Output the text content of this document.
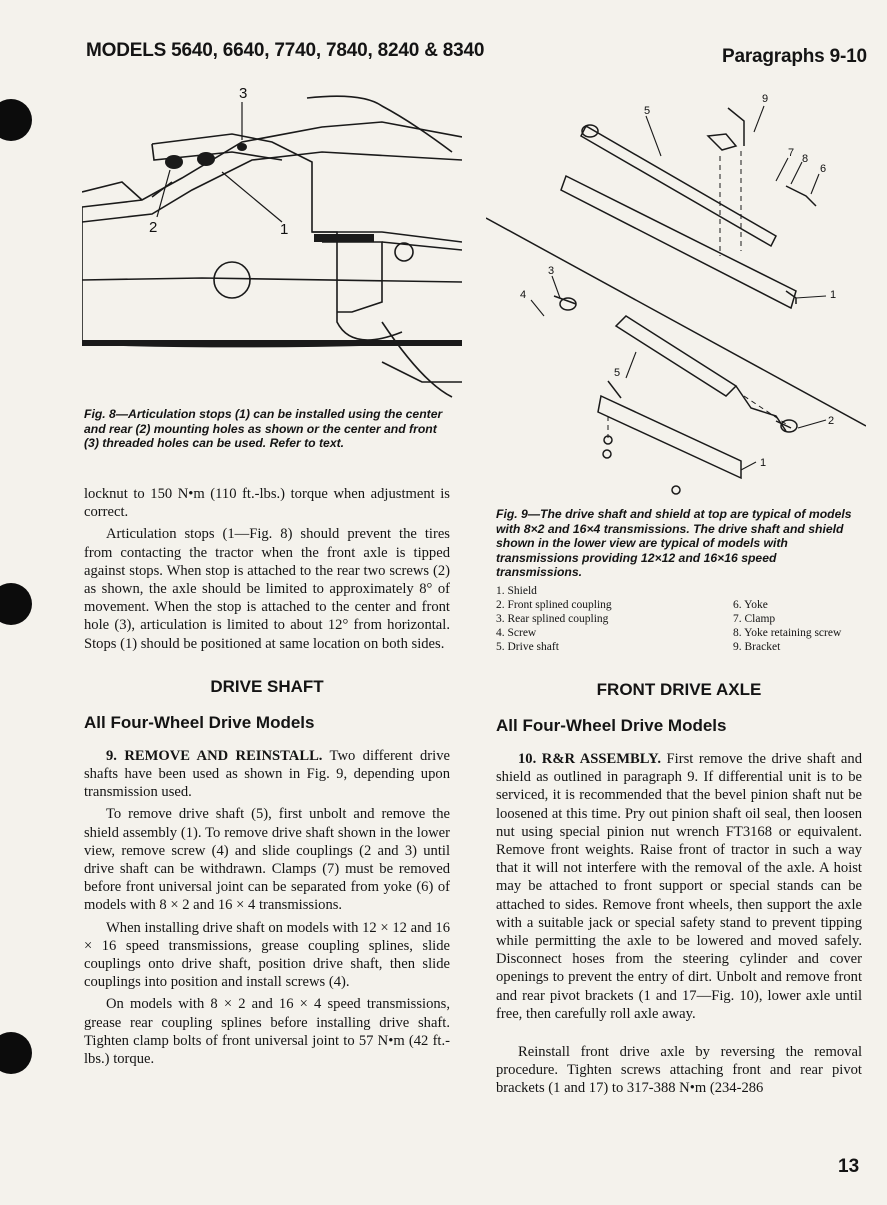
MODELS 5640, 6640, 7740, 7840, 8240 & 8340	Paragraphs 9-10
3
2	1
Fig. 8—Articulation stops (1) can be installed using the center and rear (2) mounting holes as shown or the center and front (3) threaded holes can be used. Refer to text.
9
5
7 8
6
1
3
4
5
2
1
Fig. 9—The drive shaft and shield at top are typical of models with 8×2 and 16×4 transmissions. The drive shaft and shield shown in the lower view are typical of models with transmissions providing 12×12 and 16×16 speed transmissions.
1. Shield
2. Front splined coupling
3. Rear splined coupling
4. Screw
5. Drive shaft
6. Yoke
7. Clamp
8. Yoke retaining screw
9. Bracket

locknut to 150 N•m (110 ft.-lbs.) torque when adjustment is correct.

Articulation stops (1—Fig. 8) should prevent the tires from contacting the tractor when the front axle is tipped against stops. When stop is attached to the rear two screws (2) as shown, the axle should be limited to approximately 8° of movement. When the stop is attached to the center and front hole (3), articulation is limited to about 12° from horizontal. Stops (1) should be positioned at same location on both sides.

DRIVE SHAFT
All Four-Wheel Drive Models

9. REMOVE AND REINSTALL. Two different drive shafts have been used as shown in Fig. 9, depending upon transmission used.

To remove drive shaft (5), first unbolt and remove the shield assembly (1). To remove drive shaft shown in the lower view, remove screw (4) and slide couplings (2 and 3) until drive shaft can be withdrawn. Clamps (7) must be removed before front universal joint can be separated from yoke (6) of models with 8 × 2 and 16 × 4 transmissions.

When installing drive shaft on models with 12 × 12 and 16 × 16 speed transmissions, grease coupling splines, slide couplings onto drive shaft, position drive shaft, then slide couplings into position and install screws (4).

On models with 8 × 2 and 16 × 4 speed transmissions, grease rear coupling splines before installing drive shaft. Tighten clamp bolts of front universal joint to 57 N•m (42 ft.-lbs.) torque.

FRONT DRIVE AXLE
All Four-Wheel Drive Models

10. R&R ASSEMBLY. First remove the drive shaft and shield as outlined in paragraph 9. If differential unit is to be serviced, it is recommended that the bevel pinion shaft nut be loosened at this time. Pry out pinion shaft oil seal, then loosen nut using special pinion nut wrench FT3168 or equivalent. Remove front weights. Raise front of tractor in such a way that it will not interfere with the removal of the axle. A hoist may be attached to front support or special stands can be attached to sides. Remove front wheels, then support the axle with a suitable jack or special safety stand to prevent tipping while permitting the axle to be lowered and moved safely. Disconnect hoses from the steering cylinder and cover openings to prevent the entry of dirt. Unbolt and remove front and rear pivot brackets (1 and 17—Fig. 10), lower axle until free, then carefully roll axle away.

Reinstall front drive axle by reversing the removal procedure. Tighten screws attaching front and rear pivot brackets (1 and 17) to 317-388 N•m (234-286

13
